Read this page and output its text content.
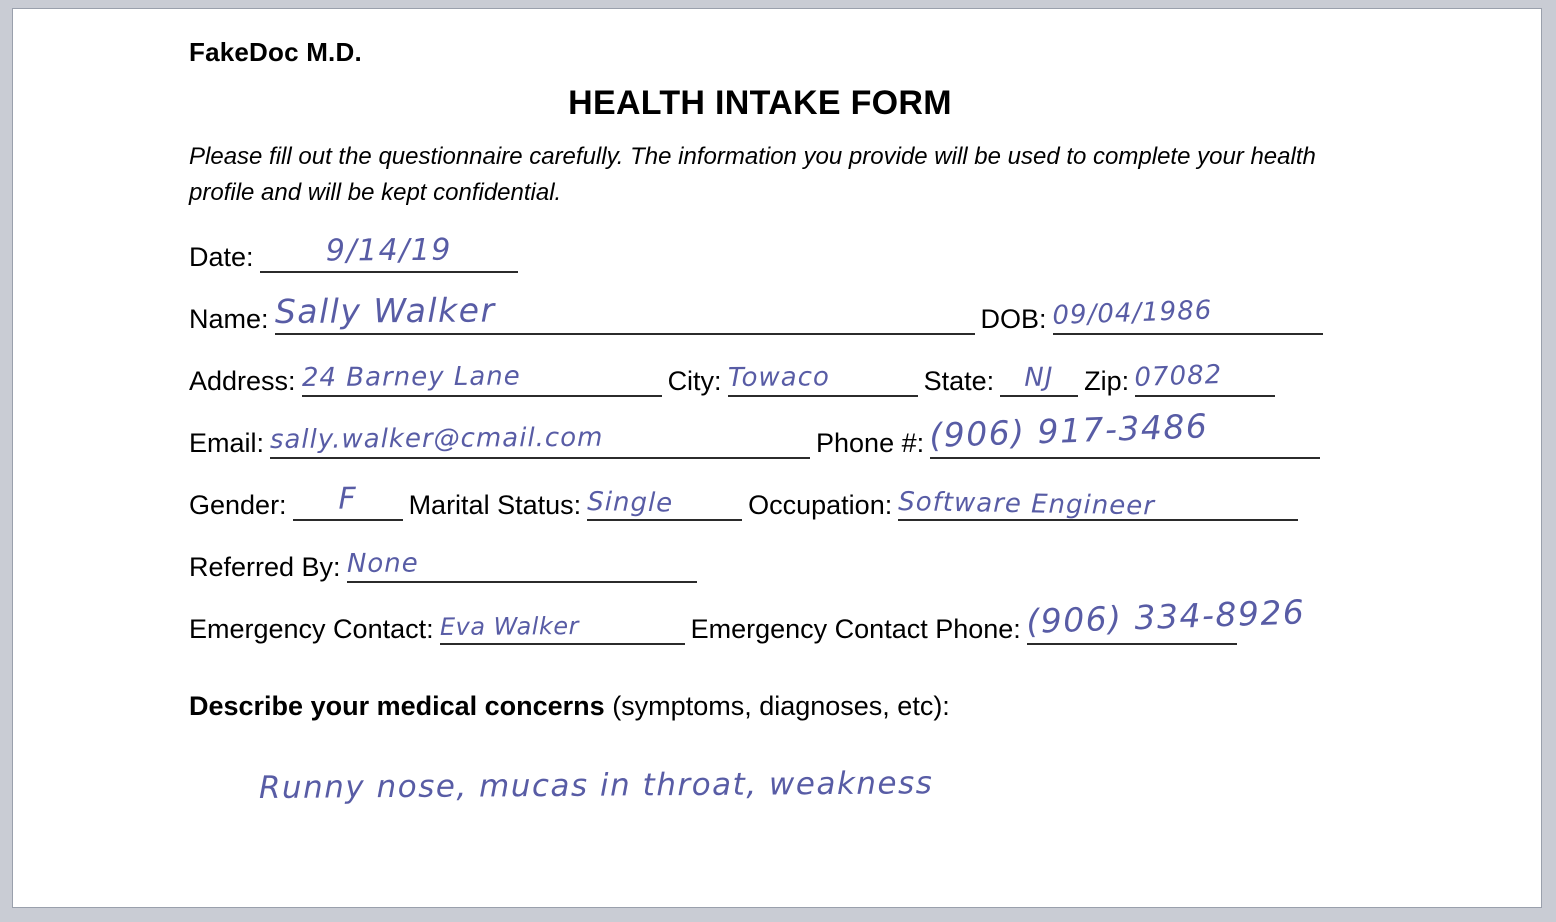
FakeDoc M.D.
HEALTH INTAKE FORM
Please fill out the questionnaire carefully. The information you provide will be used to complete your health profile and will be kept confidential.
Date:	9/14/19
Name: Sally Walker	DOB: 09/04/1986
Address: 24 Barney Lane	City: Towaco	State:	NJ	Zip: 07082
Email: sally.walker@cmail.com	Phone #: (906) 917-3486
Gender:	F	Marital Status: Single	Occupation: Software Engineer
Referred By: None
Emergency Contact: Eva Walker	Emergency Contact Phone: (906) 334-8926
Describe your medical concerns (symptoms, diagnoses, etc):
Runny nose, mucas in throat, weakness
